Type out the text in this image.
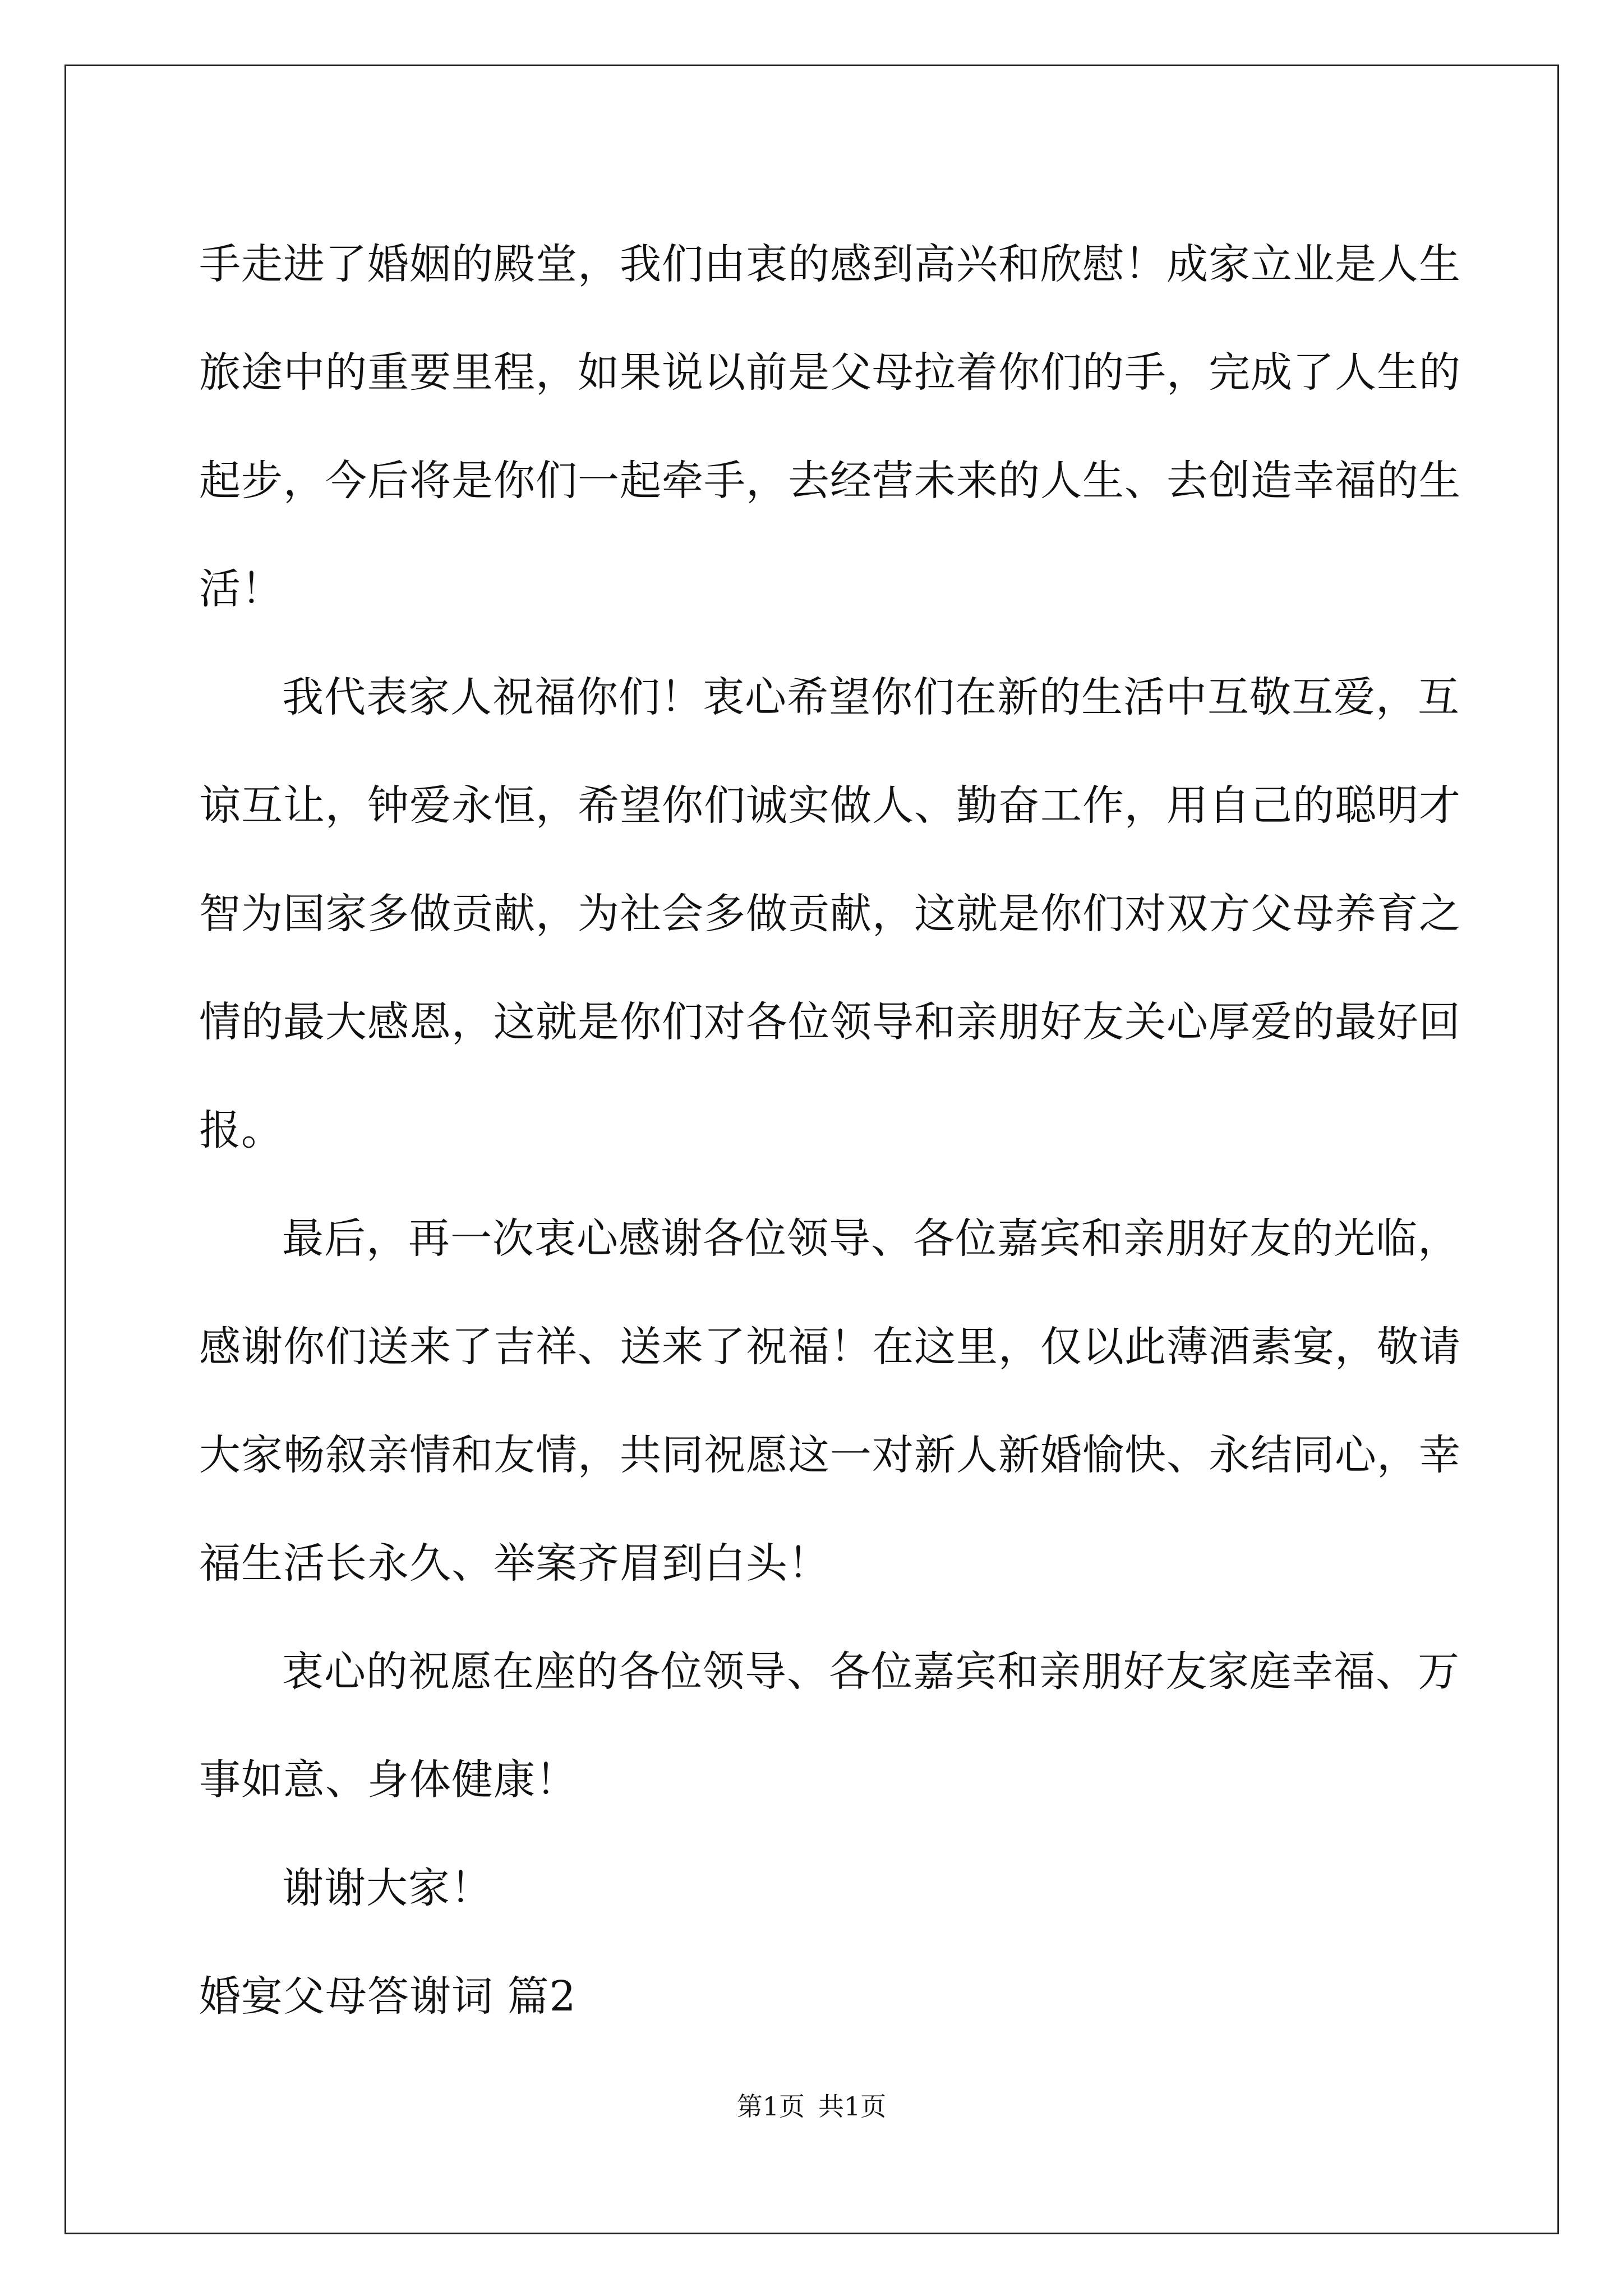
手走进了婚姻的殿堂，我们由衷的感到高兴和欣慰！成家立业是人生
旅途中的重要里程，如果说以前是父母拉着你们的手，完成了人生的
起步，今后将是你们一起牵手，去经营未来的人生、去创造幸福的生
活！
我代表家人祝福你们！衷心希望你们在新的生活中互敬互爱，互
谅互让，钟爱永恒，希望你们诚实做人、勤奋工作，用自己的聪明才
智为国家多做贡献，为社会多做贡献，这就是你们对双方父母养育之
情的最大感恩，这就是你们对各位领导和亲朋好友关心厚爱的最好回
报。
最后，再一次衷心感谢各位领导、各位嘉宾和亲朋好友的光临，
感谢你们送来了吉祥、送来了祝福！在这里，仅以此薄酒素宴，敬请
大家畅叙亲情和友情，共同祝愿这一对新人新婚愉快、永结同心，幸
福生活长永久、举案齐眉到白头！
衷心的祝愿在座的各位领导、各位嘉宾和亲朋好友家庭幸福、万
事如意、身体健康！
谢谢大家！
婚宴父母答谢词 篇2
第1页 共1页
